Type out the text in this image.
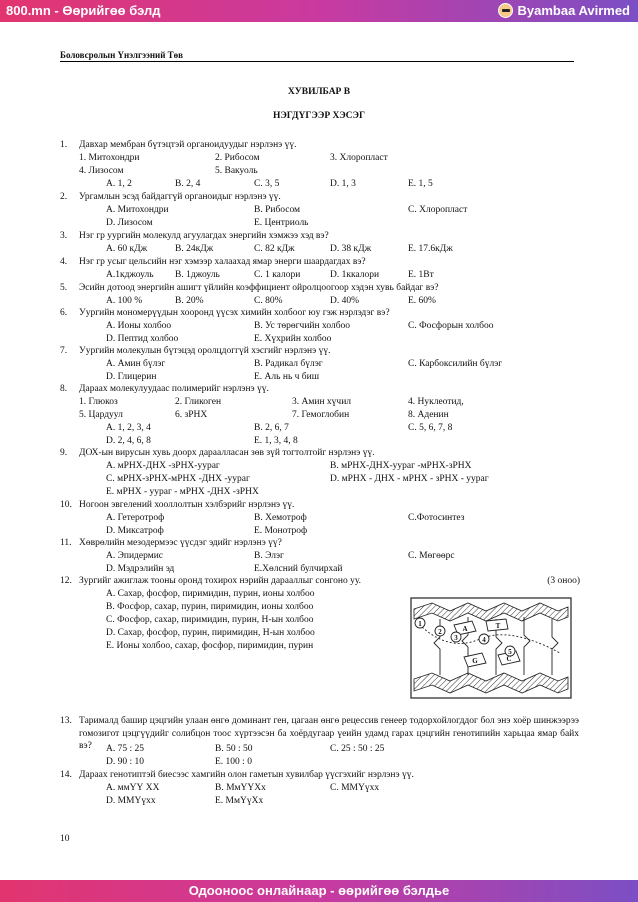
800.mn - Өөрийгөө бэлд	Byambaa Avirmed
Боловсролын Үнэлгээний Төв
ХУВИЛБАР B
НЭГДҮГЭЭР ХЭСЭГ
1. Давхар мембран бүтэцтэй органоидуудыг нэрлэнэ үү.
1. Митохондри	2. Рибосом	3. Хлоропласт
4. Лизосом	5. Вакуоль
A. 1, 2	B. 2, 4	C. 3, 5	D. 1, 3	E. 1, 5
2. Ургамлын эсэд байдаггүй органоидыг нэрлэнэ үү.
A. Митохондри	B. Рибосом	C. Хлоропласт
D. Лизосом	E. Центриоль
3. Нэг гр уургийн молекулд агуулагдах энергийн хэмжээ хэд вэ?
A. 60 кДж	B. 24кДж	C. 82 кДж	D. 38 кДж	E. 17.6кДж
4. Нэг гр усыг цельсийн нэг хэмээр халаахад ямар энерги шаардагдах вэ?
A.1кджоуль B. 1джоуль	C. 1 калори	D. 1ккалори	E. 1Вт
5. Эсийн дотоод энергийн ашигт үйлийн коэффициент ойролцоогоор хэдэн хувь байдаг вэ?
A. 100 %	B. 20%	C. 80%	D. 40%	E. 60%
6. Уургийн мономерүүдын хооронд үүсэх химийн холбоог юу гэж нэрлэдэг вэ?
A. Ионы холбоо	B. Ус төрөгчийн холбоо	C. Фосфорын холбоо
D. Пептид холбоо	E. Хүхрийн холбоо
7. Уургийн молекулын бүтэцэд оролцдоггүй хэсгийг нэрлэнэ үү.
A. Амин бүлэг	B. Радикал бүлэг	C. Карбоксилийн бүлэг
D. Глицерин	E. Аль нь ч биш
8. Дараах молекулуудаас полимерийг нэрлэнэ үү.
1. Глюкоз	2. Гликоген	3. Амин хүчил	4. Нуклеотид,
5. Цардуул	6. зРНХ	7. Гемоглобин	8. Аденин
A. 1, 2, 3, 4	B. 2, 6, 7	C. 5, 6, 7, 8
D. 2, 4, 6, 8	E. 1, 3, 4, 8
9. ДОХ-ын вирусын хувь доорх дараалласан зөв зүй тогтолтойг нэрлэнэ үү.
A. мРНХ-ДНХ -зРНХ-уураг	B. мРНХ-ДНХ-уураг -мРНХ-зРНХ
C. мРНХ-зРНХ-мРНХ -ДНХ -уураг	D. мРНХ - ДНХ - мРНХ - зРНХ - уураг
E. мРНХ - уураг - мРНХ -ДНХ -зРНХ
10. Ногоон эвгелений хооллолтын хэлбэрийг нэрлэнэ үү.
A. Гетеротроф	B. Хемотроф	C.Фотосинтез
D. Миксатроф	E. Монотроф
11. Хөврөлийн мезодермээс үүсдэг эдийг нэрлэнэ үү?
A. Эпидермис	B. Элэг	C. Мөгөөрс
D. Мэдрэлийн эд	E.Хөлсний булчирхай
12. Зургийг ажиглаж тооны оронд тохирох нэрийн дарааллыг сонгоно уу.	(3 оноо)
A. Сахар, фосфор, пиримидин, пурин, ионы холбоо
B. Фосфор, сахар, пурин, пиримидин, ионы холбоо
C. Фосфор, сахар, пиримидин, пурин, Н-ын холбоо
D. Сахар, фосфор, пурин, пиримидин, Н-ын холбоо
E. Ионы холбоо, сахар, фосфор, пиримидин, пурин
A	T
G	C
1
2
3	4
5
13. Тарималд башир цэцгийн улаан өнгө доминант ген, цагаан өнгө рецессив генеер тодорхойлогддог бол энэ хоёр шинжээрээ гомозигот цэцгүүдийг солибцон тоос хүртээсэн ба хоёрдугаар үеийн удамд гарах цэцгийн генотипийн харьцаа ямар байх вэ?	A. 75 : 25	B. 50 : 50	C. 25 : 50 : 25
D. 90 : 10	E. 100 : 0
14. Дараах генотиптэй биесээс хамгийн олон гаметын хувилбар үүсгэхийг нэрлэнэ үү.
A. ммҮҮ ХХ	B. МмҮҮХх	C. ММҮүхх
D. ММҮүхх	E. МмҮүХх
10
Одооноос онлайнаар - өөрийгөө бэлдье
